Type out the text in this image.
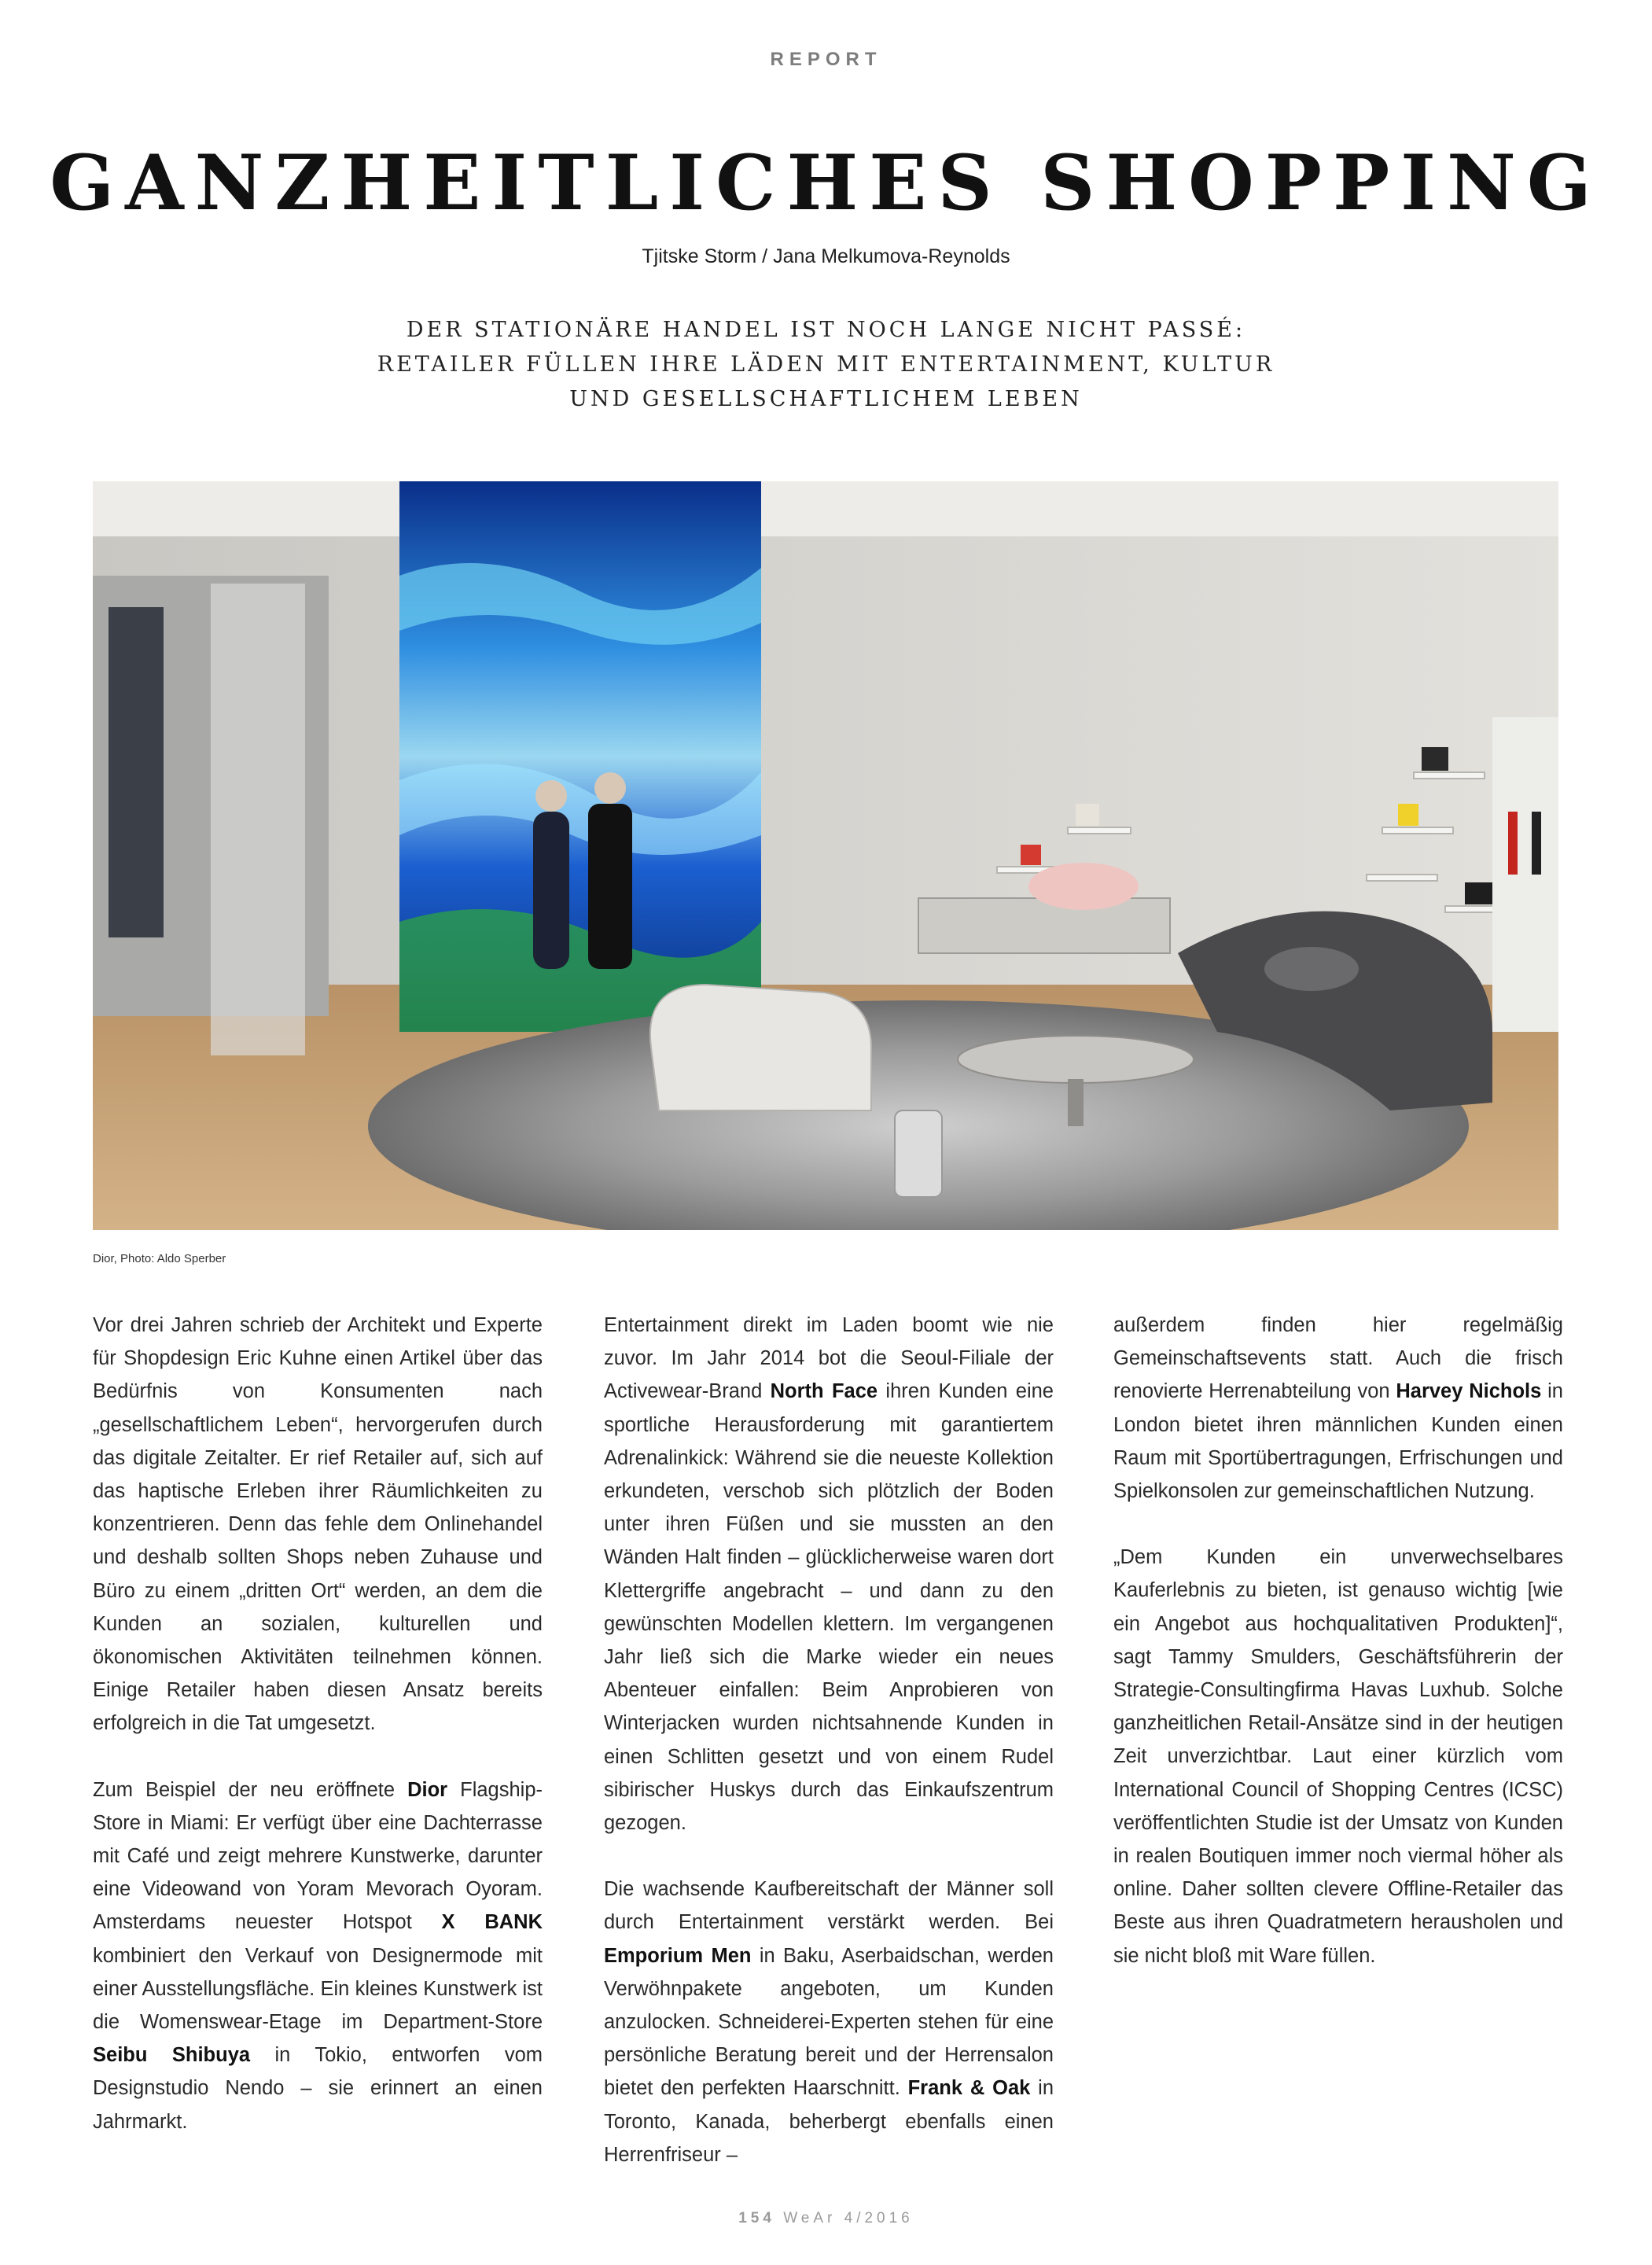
REPORT
GANZHEITLICHES SHOPPING
Tjitske Storm / Jana Melkumova-Reynolds
DER STATIONÄRE HANDEL IST NOCH LANGE NICHT PASSÉ:
RETAILER FÜLLEN IHRE LÄDEN MIT ENTERTAINMENT, KULTUR
UND GESELLSCHAFTLICHEM LEBEN
Dior, Photo: Aldo Sperber

Vor drei Jahren schrieb der Architekt und Experte für Shopdesign Eric Kuhne einen Artikel über das Bedürfnis von Konsumenten nach „gesellschaftlichem Leben“, hervorgerufen durch das digitale Zeitalter. Er rief Retailer auf, sich auf das haptische Erleben ihrer Räumlichkeiten zu konzentrieren. Denn das fehle dem Onlinehandel und deshalb sollten Shops neben Zuhause und Büro zu einem „dritten Ort“ werden, an dem die Kunden an sozialen, kulturellen und ökonomischen Aktivitäten teilnehmen können. Einige Retailer haben diesen Ansatz bereits erfolgreich in die Tat umgesetzt.

Zum Beispiel der neu eröffnete Dior Flagship-Store in Miami: Er verfügt über eine Dachterrasse mit Café und zeigt mehrere Kunstwerke, darunter eine Videowand von Yoram Mevorach Oyoram. Amsterdams neuester Hotspot X BANK kombiniert den Verkauf von Designermode mit einer Ausstellungsfläche. Ein kleines Kunstwerk ist die Womenswear-Etage im Department-Store Seibu Shibuya in Tokio, entworfen vom Designstudio Nendo – sie erinnert an einen Jahrmarkt.

Entertainment direkt im Laden boomt wie nie zuvor. Im Jahr 2014 bot die Seoul-Filiale der Activewear-Brand North Face ihren Kunden eine sportliche Herausforderung mit garantiertem Adrenalinkick: Während sie die neueste Kollektion erkundeten, verschob sich plötzlich der Boden unter ihren Füßen und sie mussten an den Wänden Halt finden – glücklicherweise waren dort Klettergriffe angebracht – und dann zu den gewünschten Modellen klettern. Im vergangenen Jahr ließ sich die Marke wieder ein neues Abenteuer einfallen: Beim Anprobieren von Winterjacken wurden nichtsahnende Kunden in einen Schlitten gesetzt und von einem Rudel sibirischer Huskys durch das Einkaufszentrum gezogen.

Die wachsende Kaufbereitschaft der Männer soll durch Entertainment verstärkt werden. Bei Emporium Men in Baku, Aserbaidschan, werden Verwöhnpakete angeboten, um Kunden anzulocken. Schneiderei-Experten stehen für eine persönliche Beratung bereit und der Herrensalon bietet den perfekten Haarschnitt. Frank & Oak in Toronto, Kanada, beherbergt ebenfalls einen Herrenfriseur –

außerdem finden hier regelmäßig Gemeinschaftsevents statt. Auch die frisch renovierte Herrenabteilung von Harvey Nichols in London bietet ihren männlichen Kunden einen Raum mit Sportübertragungen, Erfrischungen und Spielkonsolen zur gemeinschaftlichen Nutzung.

„Dem Kunden ein unverwechselbares Kauferlebnis zu bieten, ist genauso wichtig [wie ein Angebot aus hochqualitativen Produkten]“, sagt Tammy Smulders, Geschäftsführerin der Strategie-Consultingfirma Havas Luxhub. Solche ganzheitlichen Retail-Ansätze sind in der heutigen Zeit unverzichtbar. Laut einer kürzlich vom International Council of Shopping Centres (ICSC) veröffentlichten Studie ist der Umsatz von Kunden in realen Boutiquen immer noch viermal höher als online. Daher sollten clevere Offline-Retailer das Beste aus ihren Quadratmetern herausholen und sie nicht bloß mit Ware füllen.

154 WeAr 4/2016
